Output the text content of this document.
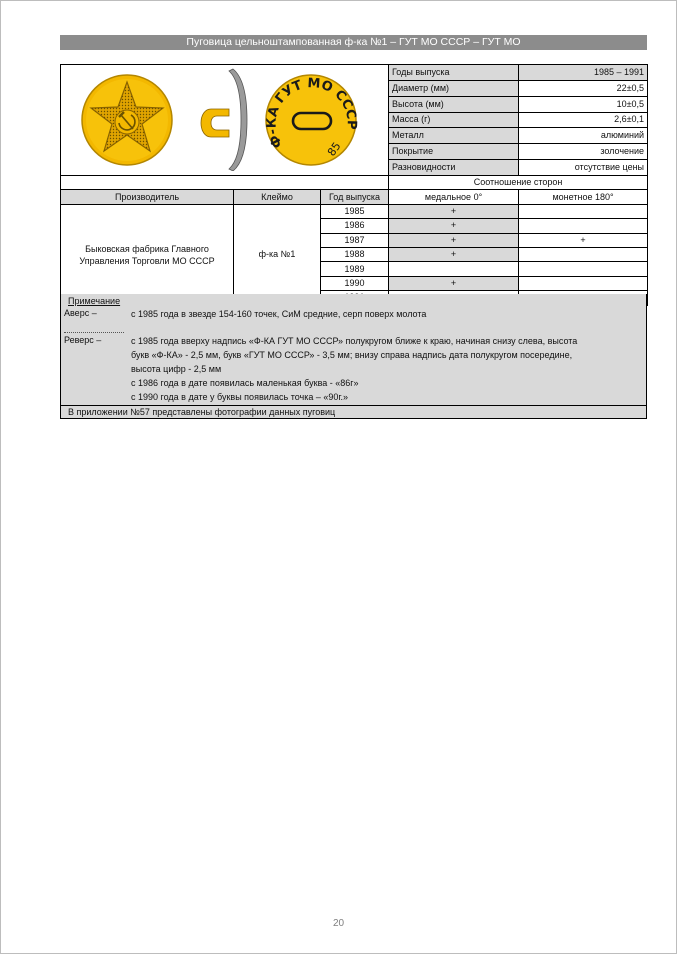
Пуговица цельноштампованная ф-ка №1 – ГУТ МО СССР – ГУТ МО
Ф-КА ГУТ МО СССР
85			Годы выпуска	1985 – 1991
			Диаметр (мм)	22±0,5
			Высота (мм)	10±0,5
			Масса (г)	2,6±0,1
			Металл	алюминий
			Покрытие	золочение
			Разновидности	отсутствие цены
			Соотношение сторон	
Производитель	Клеймо	Год выпуска	медальное 0°	монетное 180°
Быковская фабрика Главного Управления Торговли МО СССР	ф-ка №1	1985	+	
		1986	+	
		1987	+	+
		1988	+	
		1989		
		1990	+	

Примечание
Аверс –	с 1985 года в звезде 154-160 точек, СиМ средние, серп поверх молота
Реверс –	с 1985 года вверху надпись «Ф-КА ГУТ МО СССР» полукругом ближе к краю, начиная снизу слева, высота
букв «Ф-КА» - 2,5 мм, букв «ГУТ МО СССР» - 3,5 мм; внизу справа надпись дата полукругом посередине,
высота цифр - 2,5 мм
с 1986 года в дате появилась маленькая буква - «86г»
с 1990 года в дате у буквы появилась точка – «90г.»
В приложении №57 представлены фотографии данных пуговиц
20
